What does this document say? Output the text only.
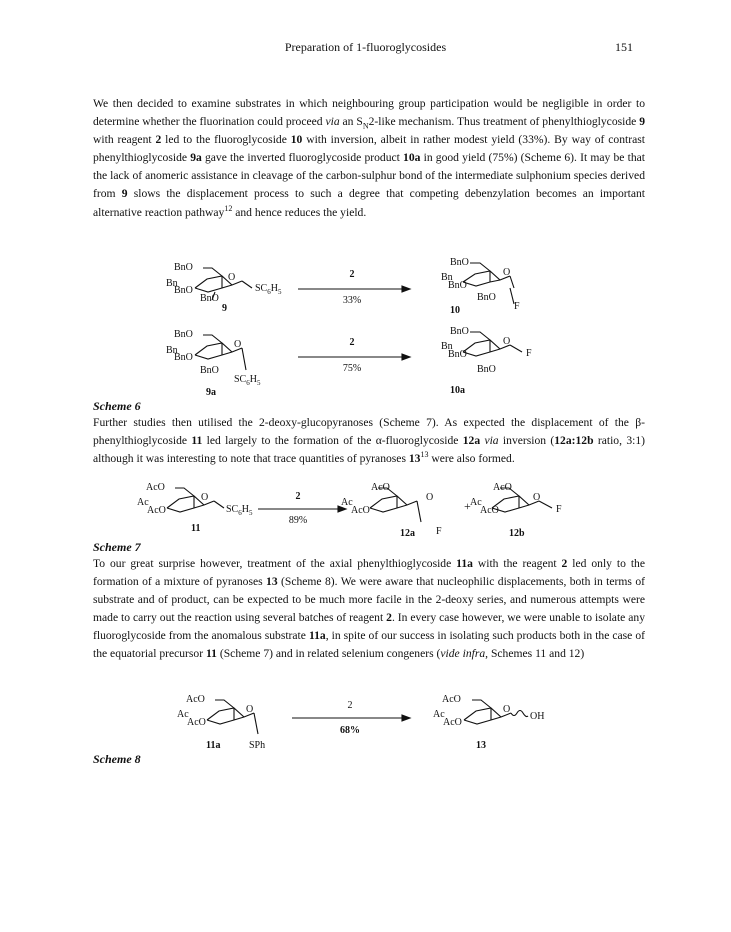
Preparation of 1-fluoroglycosides	151

We then decided to examine substrates in which neighbouring group participation would be negligible in order to determine whether the fluorination could proceed via an $S_N2$-like mechanism. Thus treatment of phenylthioglycoside 9 with reagent 2 led to the fluoroglycoside 10 with inversion, albeit in rather modest yield (33%). By way of contrast phenylthioglycoside 9a gave the inverted fluoroglycoside product 10a in good yield (75%) (Scheme 6). It may be that the lack of anomeric assistance in cleavage of the carbon-sulphur bond of the intermediate sulphonium species derived from 9 slows the displacement process to such a degree that competing debenzylation becomes an important alternative reaction pathway$^{12}$ and hence reduces the yield.

BnO
Bn
BnO
O
$SC_6H_5$
BnO
9
2
33%
BnO
Bn
BnO
O
BnO
F
10
BnO
Bn
BnO
O
BnO
$SC_6H_5$
9a
2
75%
BnO
Bn
BnO
O
F
BnO
10a
Scheme 6

Further studies then utilised the 2-deoxy-glucopyranoses (Scheme 7). As expected the displacement of the β-phenylthioglycoside 11 led largely to the formation of the α-fluoroglycoside 12a via inversion (12a:12b ratio, 3:1) although it was interesting to note that trace quantities of pyranoses $13^{13}$ were also formed.

AcO
Ac
AcO
O
$SC_6H_5$
11
2
89%
AcO
Ac
AcO
O
12a F
+
AcO
Ac
AcO
O
F
12b
Scheme 7

To our great surprise however, treatment of the axial phenylthioglycoside 11a with the reagent 2 led only to the formation of a mixture of pyranoses 13 (Scheme 8). We were aware that nucleophilic displacements, both in terms of substrate and of product, can be expected to be much more facile in the 2-deoxy series, and numerous attempts were made to carry out the reaction using several batches of reagent 2. In every case however, we were unable to isolate any fluoroglycoside from the anomalous substrate 11a, in spite of our success in isolating such products both in the case of the equatorial precursor 11 (Scheme 7) and in related selenium congeners (vide infra, Schemes 11 and 12)

AcO
Ac
AcO
O
11a	SPh
2
68%
AcO
Ac
AcO
O
OH
13
Scheme 8
